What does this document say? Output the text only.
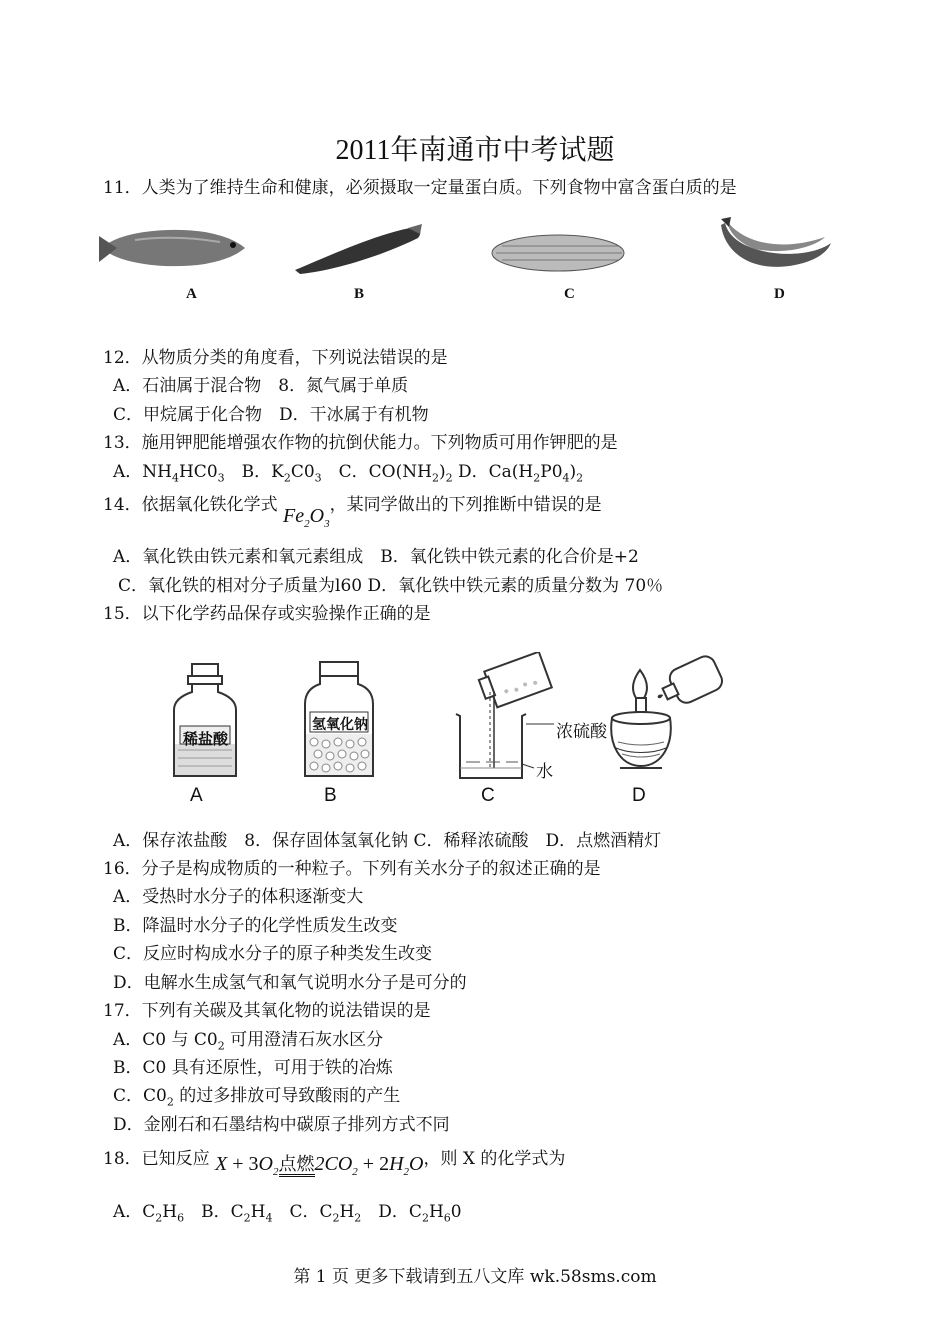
2011年南通市中考试题
11．人类为了维持生命和健康，必须摄取一定量蛋白质。下列食物中富含蛋白质的是
A	B	C	D
12．从物质分类的角度看，下列说法错误的是
A．石油属于混合物　8．氮气属于单质
C．甲烷属于化合物　D．干冰属于有机物
13．施用钾肥能增强农作物的抗倒伏能力。下列物质可用作钾肥的是
A．$NH_4HC0_3$　B．$K_2C0_3$　C．$CO(NH_2)_2$ D．$Ca(H_2P0_4)_2$
14．依据氧化铁化学式 $Fe_2O_3$，某同学做出的下列推断中错误的是
A．氧化铁由铁元素和氧元素组成　B．氧化铁中铁元素的化合价是+2
C．氧化铁的相对分子质量为l60 D．氧化铁中铁元素的质量分数为 70％
15．以下化学药品保存或实验操作正确的是
稀盐酸
氢氧化钠	浓硫酸
水
A	B	C	D
A．保存浓盐酸　8．保存固体氢氧化钠 C．稀释浓硫酸　D．点燃酒精灯
16．分子是构成物质的一种粒子。下列有关水分子的叙述正确的是
A．受热时水分子的体积逐渐变大
B．降温时水分子的化学性质发生改变
C．反应时构成水分子的原子种类发生改变
D．电解水生成氢气和氧气说明水分子是可分的
17．下列有关碳及其氧化物的说法错误的是
A．C0 与 $C0_2$ 可用澄清石灰水区分
B．C0 具有还原性，可用于铁的冶炼
C．$C0_2$ 的过多排放可导致酸雨的产生
D．金刚石和石墨结构中碳原子排列方式不同
18．已知反应 $X + 3O_2$点燃$2CO_2 + 2H_2O$，则 X 的化学式为
A．$C_2H_6$　B．$C_2H_4$　C．$C_2H_2$　D．$C_2H_60$
第 1 页 更多下载请到五八文库 wk.58sms.com
